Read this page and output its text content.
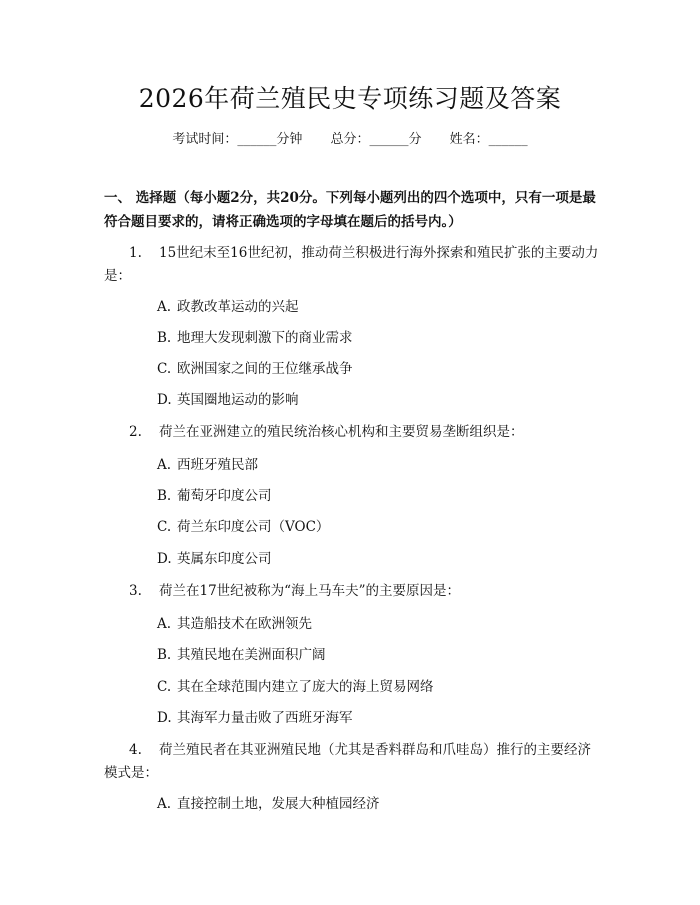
2026年荷兰殖民史专项练习题及答案
考试时间：______分钟 总分：______分 姓名：______
一、 选择题（每小题2分，共20分。下列每小题列出的四个选项中，只有一项是最符合题目要求的，请将正确选项的字母填在题后的括号内。）
1. 15世纪末至16世纪初，推动荷兰积极进行海外探索和殖民扩张的主要动力是：
A. 政教改革运动的兴起
B. 地理大发现刺激下的商业需求
C. 欧洲国家之间的王位继承战争
D. 英国圈地运动的影响
2. 荷兰在亚洲建立的殖民统治核心机构和主要贸易垄断组织是：
A. 西班牙殖民部
B. 葡萄牙印度公司
C. 荷兰东印度公司（VOC）
D. 英属东印度公司
3. 荷兰在17世纪被称为“海上马车夫”的主要原因是：
A. 其造船技术在欧洲领先
B. 其殖民地在美洲面积广阔
C. 其在全球范围内建立了庞大的海上贸易网络
D. 其海军力量击败了西班牙海军
4. 荷兰殖民者在其亚洲殖民地（尤其是香料群岛和爪哇岛）推行的主要经济模式是：
A. 直接控制土地，发展大种植园经济
